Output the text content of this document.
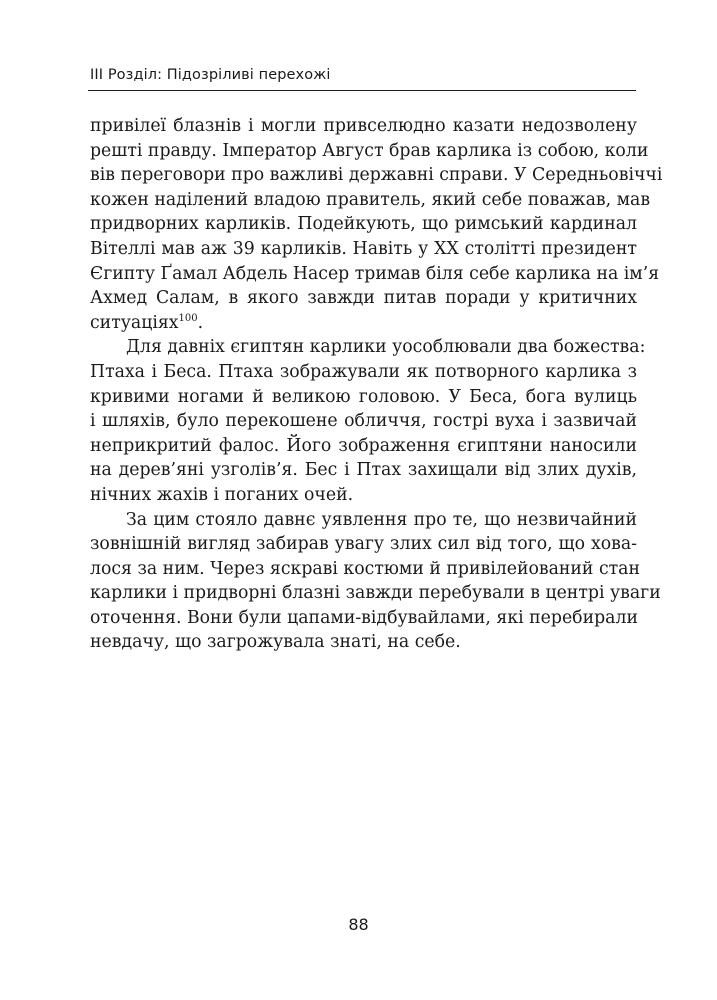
III Розділ: Підозріливі перехожі
привілеї блазнів і могли привселюдно казати недозволену
решті правду. Імператор Август брав карлика із собою, коли
вів переговори про важливі державні справи. У Середньовіччі
кожен наділений владою правитель, який себе поважав, мав
придворних карликів. Подейкують, що римський кардинал
Вітеллі мав аж 39 карликів. Навіть у XX столітті президент
Єгипту Ґамал Абдель Насер тримав біля себе карлика на ім’я
Ахмед Салам, в якого завжди питав поради у критичних
ситуаціях$^{100}$.
Для давніх єгиптян карлики уособлювали два божества:
Птаха і Беса. Птаха зображували як потворного карлика з
кривими ногами й великою головою. У Беса, бога вулиць
і шляхів, було перекошене обличчя, гострі вуха і зазвичай
неприкритий фалос. Його зображення єгиптяни наносили
на дерев’яні узголів’я. Бес і Птах захищали від злих духів,
нічних жахів і поганих очей.
За цим стояло давнє уявлення про те, що незвичайний
зовнішній вигляд забирав увагу злих сил від того, що хова-
лося за ним. Через яскраві костюми й привілейований стан
карлики і придворні блазні завжди перебували в центрі уваги
оточення. Вони були цапами-відбувайлами, які перебирали
невдачу, що загрожувала знаті, на себе.
88
